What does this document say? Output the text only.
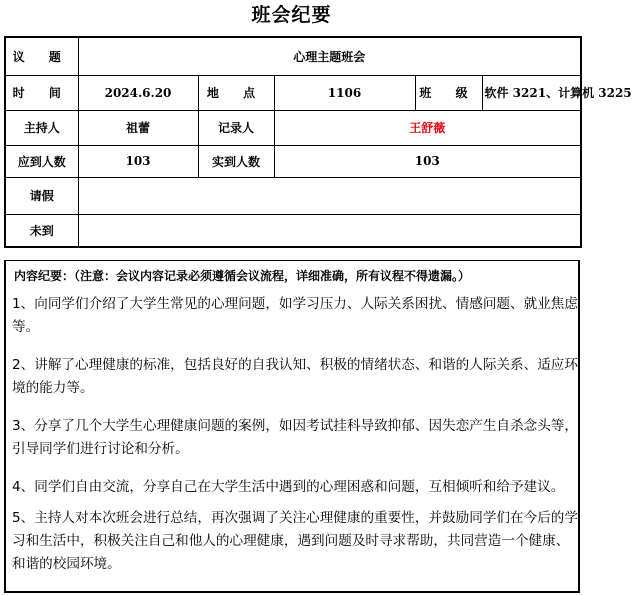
班会纪要
议 题	心理主题班会				
时 间	2024.6.20	地 点	1106	班 级	软件 3221、计算机 3225
主持人	祖蕾	记录人	王舒薇		
应到人数	103	实到人数	103		
请假					
未到					
内容纪要：（注意：会议内容记录必须遵循会议流程，详细准确，所有议程不得遗漏。）
1、向同学们介绍了大学生常见的心理问题，如学习压力、人际关系困扰、情感问题、就业焦虑等。
2、讲解了心理健康的标准，包括良好的自我认知、积极的情绪状态、和谐的人际关系、适应环境的能力等。
3、分享了几个大学生心理健康问题的案例，如因考试挂科导致抑郁、因失恋产生自杀念头等，引导同学们进行讨论和分析。
4、同学们自由交流，分享自己在大学生活中遇到的心理困惑和问题，互相倾听和给予建议。
5、主持人对本次班会进行总结，再次强调了关注心理健康的重要性，并鼓励同学们在今后的学习和生活中，积极关注自己和他人的心理健康，遇到问题及时寻求帮助，共同营造一个健康、和谐的校园环境。
